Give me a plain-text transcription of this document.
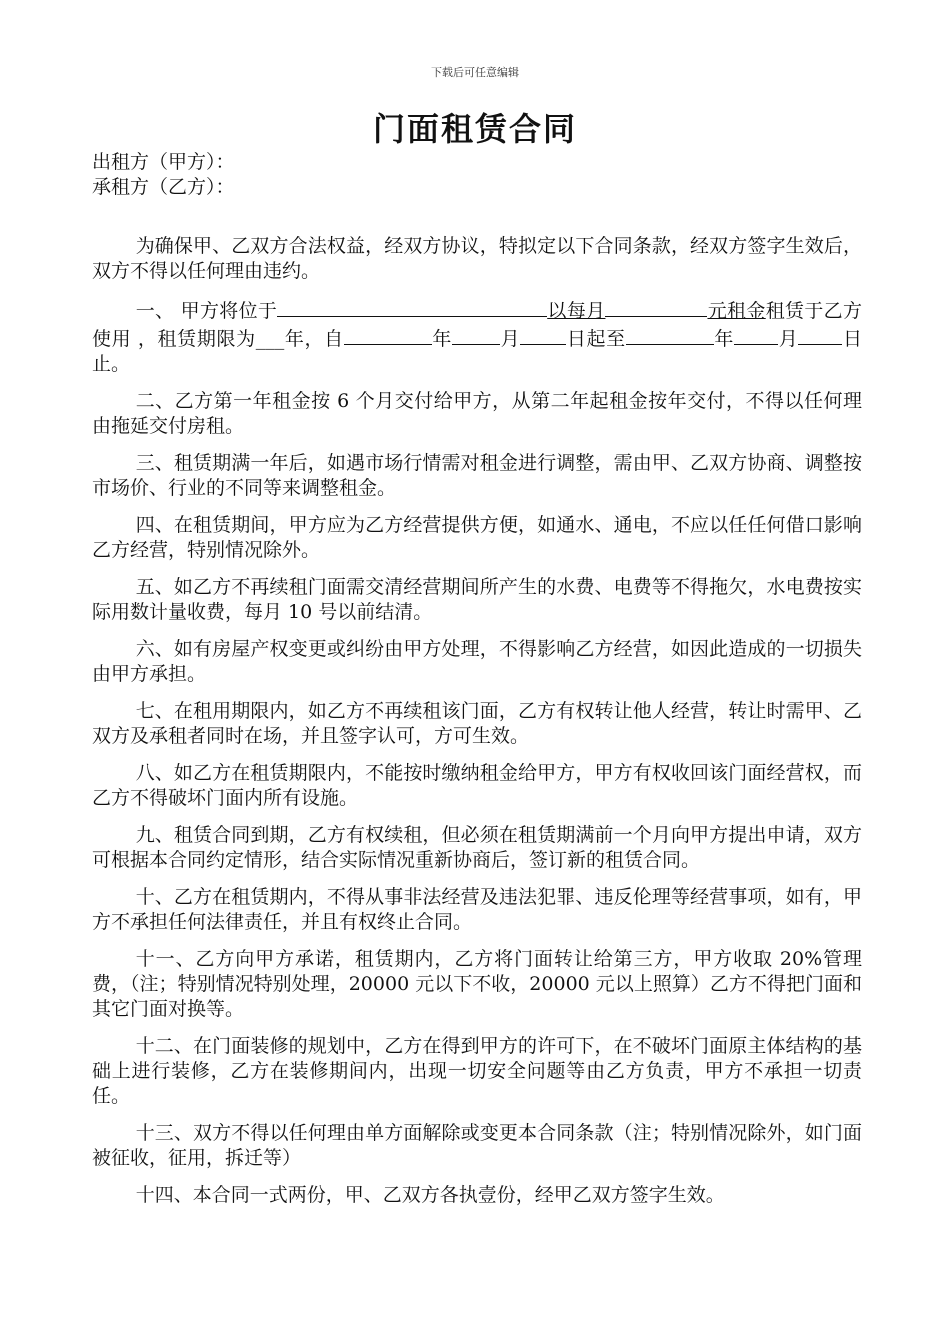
下载后可任意编辑
门面租赁合同

出租方（甲方）：

承租方（乙方）：

为确保甲、乙双方合法权益，经双方协议，特拟定以下合同条款，经双方签字生效后，双方不得以任何理由违约。

一、 甲方将位于	以每月	元租金租赁于乙方使用 ，租赁期限为___年，自	年	月 日起至	年 月 日止。

二、乙方第一年租金按 6 个月交付给甲方，从第二年起租金按年交付，不得以任何理由拖延交付房租。

三、租赁期满一年后，如遇市场行情需对租金进行调整，需由甲、乙双方协商、调整按市场价、行业的不同等来调整租金。

四、在租赁期间，甲方应为乙方经营提供方便，如通水、通电，不应以任任何借口影响乙方经营，特别情况除外。

五、如乙方不再续租门面需交清经营期间所产生的水费、电费等不得拖欠，水电费按实际用数计量收费，每月 10 号以前结清。

六、如有房屋产权变更或纠纷由甲方处理，不得影响乙方经营，如因此造成的一切损失由甲方承担。

七、在租用期限内，如乙方不再续租该门面，乙方有权转让他人经营，转让时需甲、乙双方及承租者同时在场，并且签字认可，方可生效。

八、如乙方在租赁期限内，不能按时缴纳租金给甲方，甲方有权收回该门面经营权，而乙方不得破坏门面内所有设施。

九、租赁合同到期，乙方有权续租，但必须在租赁期满前一个月向甲方提出申请，双方可根据本合同约定情形，结合实际情况重新协商后，签订新的租赁合同。

十、乙方在租赁期内，不得从事非法经营及违法犯罪、违反伦理等经营事项，如有，甲方不承担任何法律责任，并且有权终止合同。

十一、乙方向甲方承诺，租赁期内，乙方将门面转让给第三方，甲方收取 20%管理费，（注；特别情况特别处理，20000 元以下不收，20000 元以上照算）乙方不得把门面和其它门面对换等。

十二、在门面装修的规划中，乙方在得到甲方的许可下，在不破坏门面原主体结构的基础上进行装修，乙方在装修期间内，出现一切安全问题等由乙方负责，甲方不承担一切责任。

十三、双方不得以任何理由单方面解除或变更本合同条款（注；特别情况除外，如门面被征收，征用，拆迁等）

十四、本合同一式两份，甲、乙双方各执壹份，经甲乙双方签字生效。
